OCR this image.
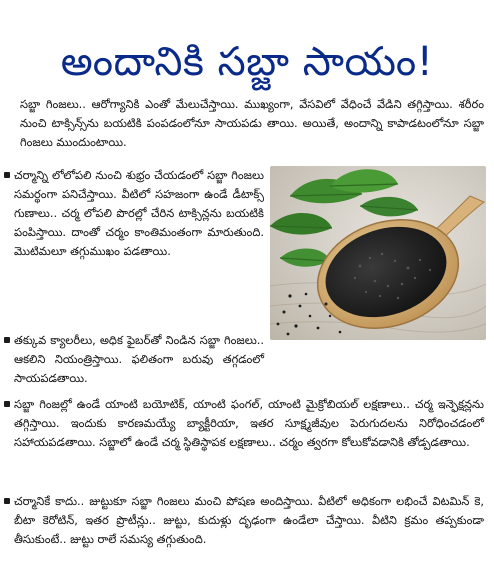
అందానికి సబ్జా సాయం!

సబ్జా గింజలు.. ఆరోగ్యానికి ఎంతో మేలుచేస్తాయి. ముఖ్యంగా, వేసవిలో వేధించే వేడిని తగ్గిస్తాయి. శరీరం నుంచి టాక్సిన్స్‌ను బయటికి పంపడంలోనూ సాయపడు తాయి. అయితే, అందాన్ని కాపాడటంలోనూ సబ్జా గింజలు ముందుంటాయి.

చర్మాన్ని లోలోపలి నుంచి శుభ్రం చేయడంలో సబ్జా గింజలు సమర్థంగా పనిచేస్తాయి. వీటిలో సహజంగా ఉండే డీటాక్స్‌ గుణాలు.. చర్మ లోపలి పొరల్లో చేరిన టాక్సిన్లను బయటికి పంపిస్తాయి. దాంతో చర్మం కాంతిమంతంగా మారుతుంది. మొటిమలూ తగ్గుముఖం పడతాయి.

తక్కువ క్యాలరీలు, అధిక ఫైబర్‌తో నిండిన సబ్జా గింజలు.. ఆకలిని నియంత్రిస్తాయి. ఫలితంగా బరువు తగ్గడంలో సాయపడతాయి.

సబ్జా గింజల్లో ఉండే యాంటి బయోటిక్, యాంటి ఫంగల్, యాంటి మైక్రోబియల్ లక్షణాలు.. చర్మ ఇన్ఫెక్షన్లను తగ్గిస్తాయి. ఇందుకు కారణమయ్యే బ్యాక్టీరియా, ఇతర సూక్ష్మజీవుల పెరుగుదలను నిరోధించడంలో సహాయపడతాయి. సబ్జాలో ఉండే చర్మ స్థితిస్థాపక లక్షణాలు.. చర్మం త్వరగా కోలుకోవడానికి తోడ్పడతాయి.

చర్మానికే కాదు.. జుట్టుకూ సబ్జా గింజలు మంచి పోషణ అందిస్తాయి. వీటిలో అధికంగా లభించే విటమిన్ కె, బీటా కెరోటిన్, ఇతర ప్రొటీన్లు.. జుట్టు, కుదుళ్లు దృఢంగా ఉండేలా చేస్తాయి. వీటిని క్రమం తప్పకుండా తీసుకుంటే.. జుట్టు రాలే సమస్య తగ్గుతుంది.
